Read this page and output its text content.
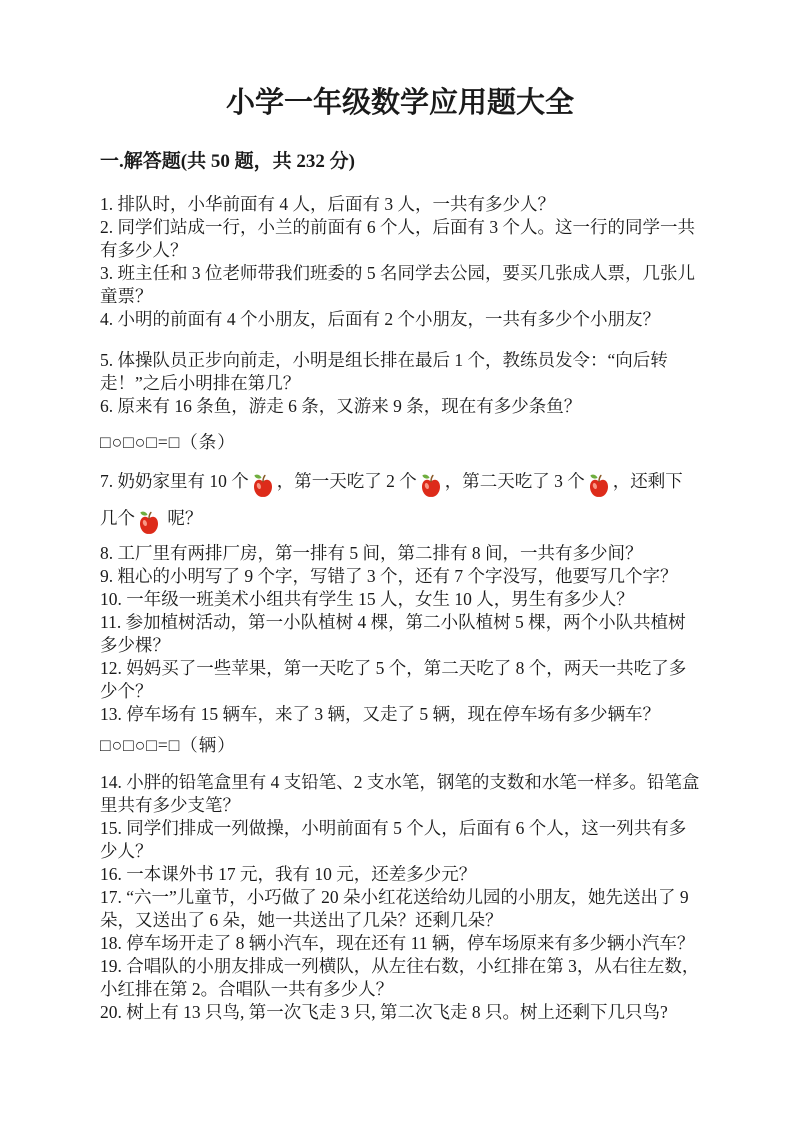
小学一年级数学应用题大全
一.解答题(共 50 题，共 232 分)

1. 排队时，小华前面有 4 人，后面有 3 人，一共有多少人？

2. 同学们站成一行，小兰的前面有 6 个人，后面有 3 个人。这一行的同学一共有多少人？

3. 班主任和 3 位老师带我们班委的 5 名同学去公园，要买几张成人票，几张儿童票？

4. 小明的前面有 4 个小朋友，后面有 2 个小朋友，一共有多少个小朋友？

5. 体操队员正步向前走，小明是组长排在最后 1 个，教练员发令：“向后转走！”之后小明排在第几？

6. 原来有 16 条鱼，游走 6 条，又游来 9 条，现在有多少条鱼？

□○□○□=□（条）

7. 奶奶家里有 10 个 ，第一天吃了 2 个 ，第二天吃了 3 个 ，还剩下几个
呢？

8. 工厂里有两排厂房，第一排有 5 间，第二排有 8 间，一共有多少间？

9. 粗心的小明写了 9 个字，写错了 3 个，还有 7 个字没写，他要写几个字？

10. 一年级一班美术小组共有学生 15 人，女生 10 人，男生有多少人？

11. 参加植树活动，第一小队植树 4 棵，第二小队植树 5 棵，两个小队共植树多少棵？

12. 妈妈买了一些苹果，第一天吃了 5 个，第二天吃了 8 个，两天一共吃了多少个？

13. 停车场有 15 辆车，来了 3 辆，又走了 5 辆，现在停车场有多少辆车？

□○□○□=□（辆）

14. 小胖的铅笔盒里有 4 支铅笔、2 支水笔，钢笔的支数和水笔一样多。铅笔盒里共有多少支笔？

15. 同学们排成一列做操，小明前面有 5 个人，后面有 6 个人，这一列共有多少人？

16. 一本课外书 17 元，我有 10 元，还差多少元？

17. “六一”儿童节，小巧做了 20 朵小红花送给幼儿园的小朋友，她先送出了 9 朵，又送出了 6 朵，她一共送出了几朵？还剩几朵？

18. 停车场开走了 8 辆小汽车，现在还有 11 辆，停车场原来有多少辆小汽车？

19. 合唱队的小朋友排成一列横队，从左往右数，小红排在第 3，从右往左数，小红排在第 2。合唱队一共有多少人？

20. 树上有 13 只鸟, 第一次飞走 3 只, 第二次飞走 8 只。树上还剩下几只鸟?
